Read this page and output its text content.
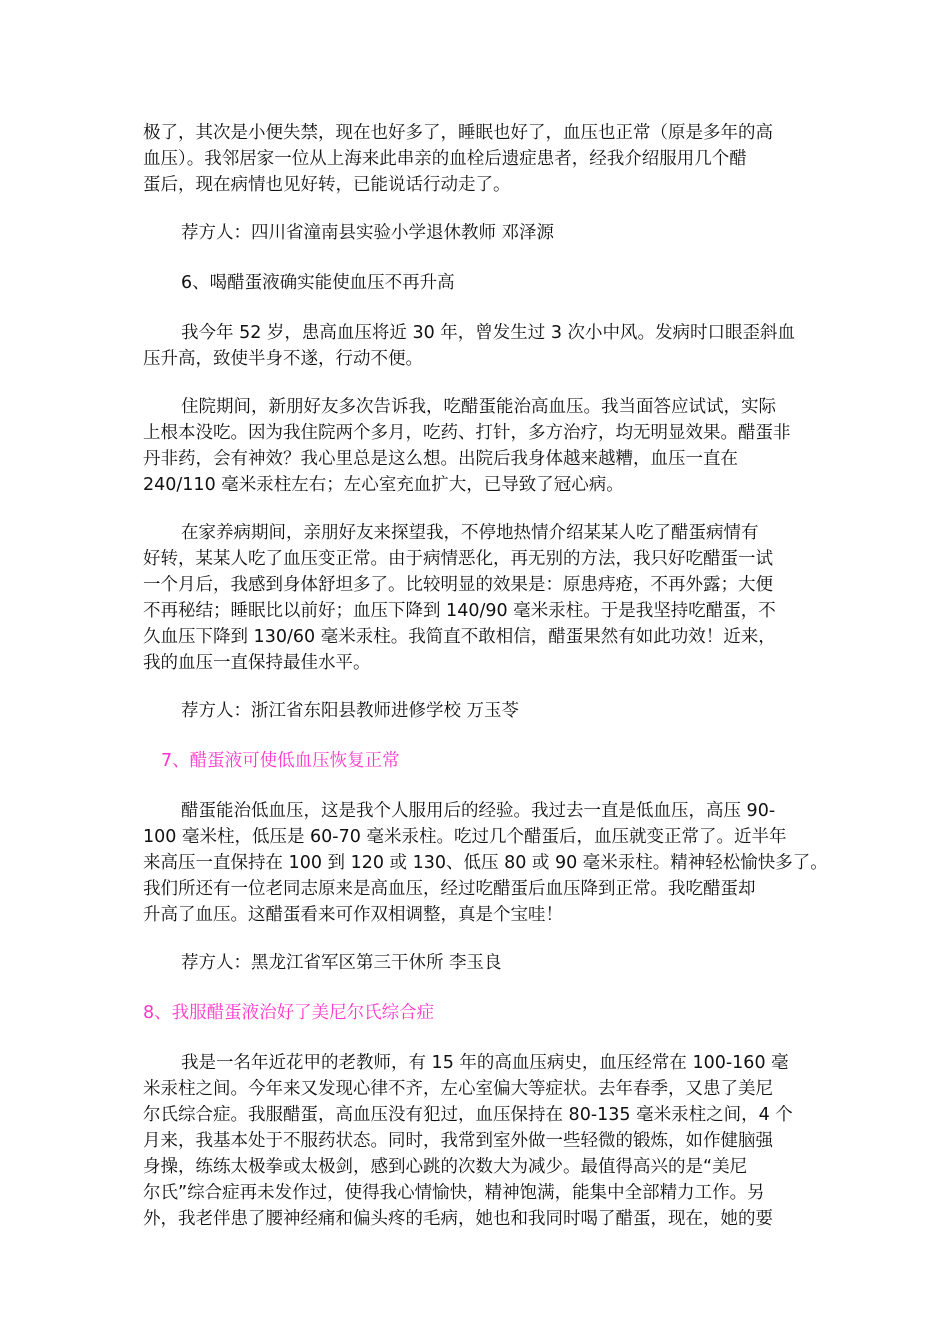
极了，其次是小便失禁，现在也好多了，睡眠也好了，血压也正常（原是多年的高
血压）。我邻居家一位从上海来此串亲的血栓后遗症患者，经我介绍服用几个醋
蛋后，现在病情也见好转，已能说话行动走了。

荐方人：四川省潼南县实验小学退休教师 邓泽源

6、喝醋蛋液确实能使血压不再升高

我今年 52 岁，患高血压将近 30 年，曾发生过 3 次小中风。发病时口眼歪斜血
压升高，致使半身不遂，行动不便。

住院期间，新朋好友多次告诉我，吃醋蛋能治高血压。我当面答应试试，实际
上根本没吃。因为我住院两个多月，吃药、打针，多方治疗，均无明显效果。醋蛋非
丹非药，会有神效？我心里总是这么想。出院后我身体越来越糟，血压一直在
240/110 毫米汞柱左右；左心室充血扩大，已导致了冠心病。

在家养病期间，亲朋好友来探望我，不停地热情介绍某某人吃了醋蛋病情有
好转，某某人吃了血压变正常。由于病情恶化，再无别的方法，我只好吃醋蛋一试
一个月后，我感到身体舒坦多了。比较明显的效果是：原患痔疮，不再外露；大便
不再秘结；睡眠比以前好；血压下降到 140/90 毫米汞柱。于是我坚持吃醋蛋，不
久血压下降到 130/60 毫米汞柱。我简直不敢相信，醋蛋果然有如此功效！近来，
我的血压一直保持最佳水平。

荐方人：浙江省东阳县教师进修学校 万玉苓

7、醋蛋液可使低血压恢复正常

醋蛋能治低血压，这是我个人服用后的经验。我过去一直是低血压，高压 90-
100 毫米柱，低压是 60-70 毫米汞柱。吃过几个醋蛋后，血压就变正常了。近半年
来高压一直保持在 100 到 120 或 130、低压 80 或 90 毫米汞柱。精神轻松愉快多了。
我们所还有一位老同志原来是高血压，经过吃醋蛋后血压降到正常。我吃醋蛋却
升高了血压。这醋蛋看来可作双相调整，真是个宝哇！

荐方人：黑龙江省军区第三干休所 李玉良

8、我服醋蛋液治好了美尼尔氏综合症

我是一名年近花甲的老教师，有 15 年的高血压病史，血压经常在 100-160 毫
米汞柱之间。今年来又发现心律不齐，左心室偏大等症状。去年春季，又患了美尼
尔氏综合症。我服醋蛋，高血压没有犯过，血压保持在 80-135 毫米汞柱之间，4 个
月来，我基本处于不服药状态。同时，我常到室外做一些轻微的锻炼，如作健脑强
身操，练练太极拳或太极剑，感到心跳的次数大为减少。最值得高兴的是“美尼
尔氏”综合症再未发作过，使得我心情愉快，精神饱满，能集中全部精力工作。另
外，我老伴患了腰神经痛和偏头疼的毛病，她也和我同时喝了醋蛋，现在，她的要
